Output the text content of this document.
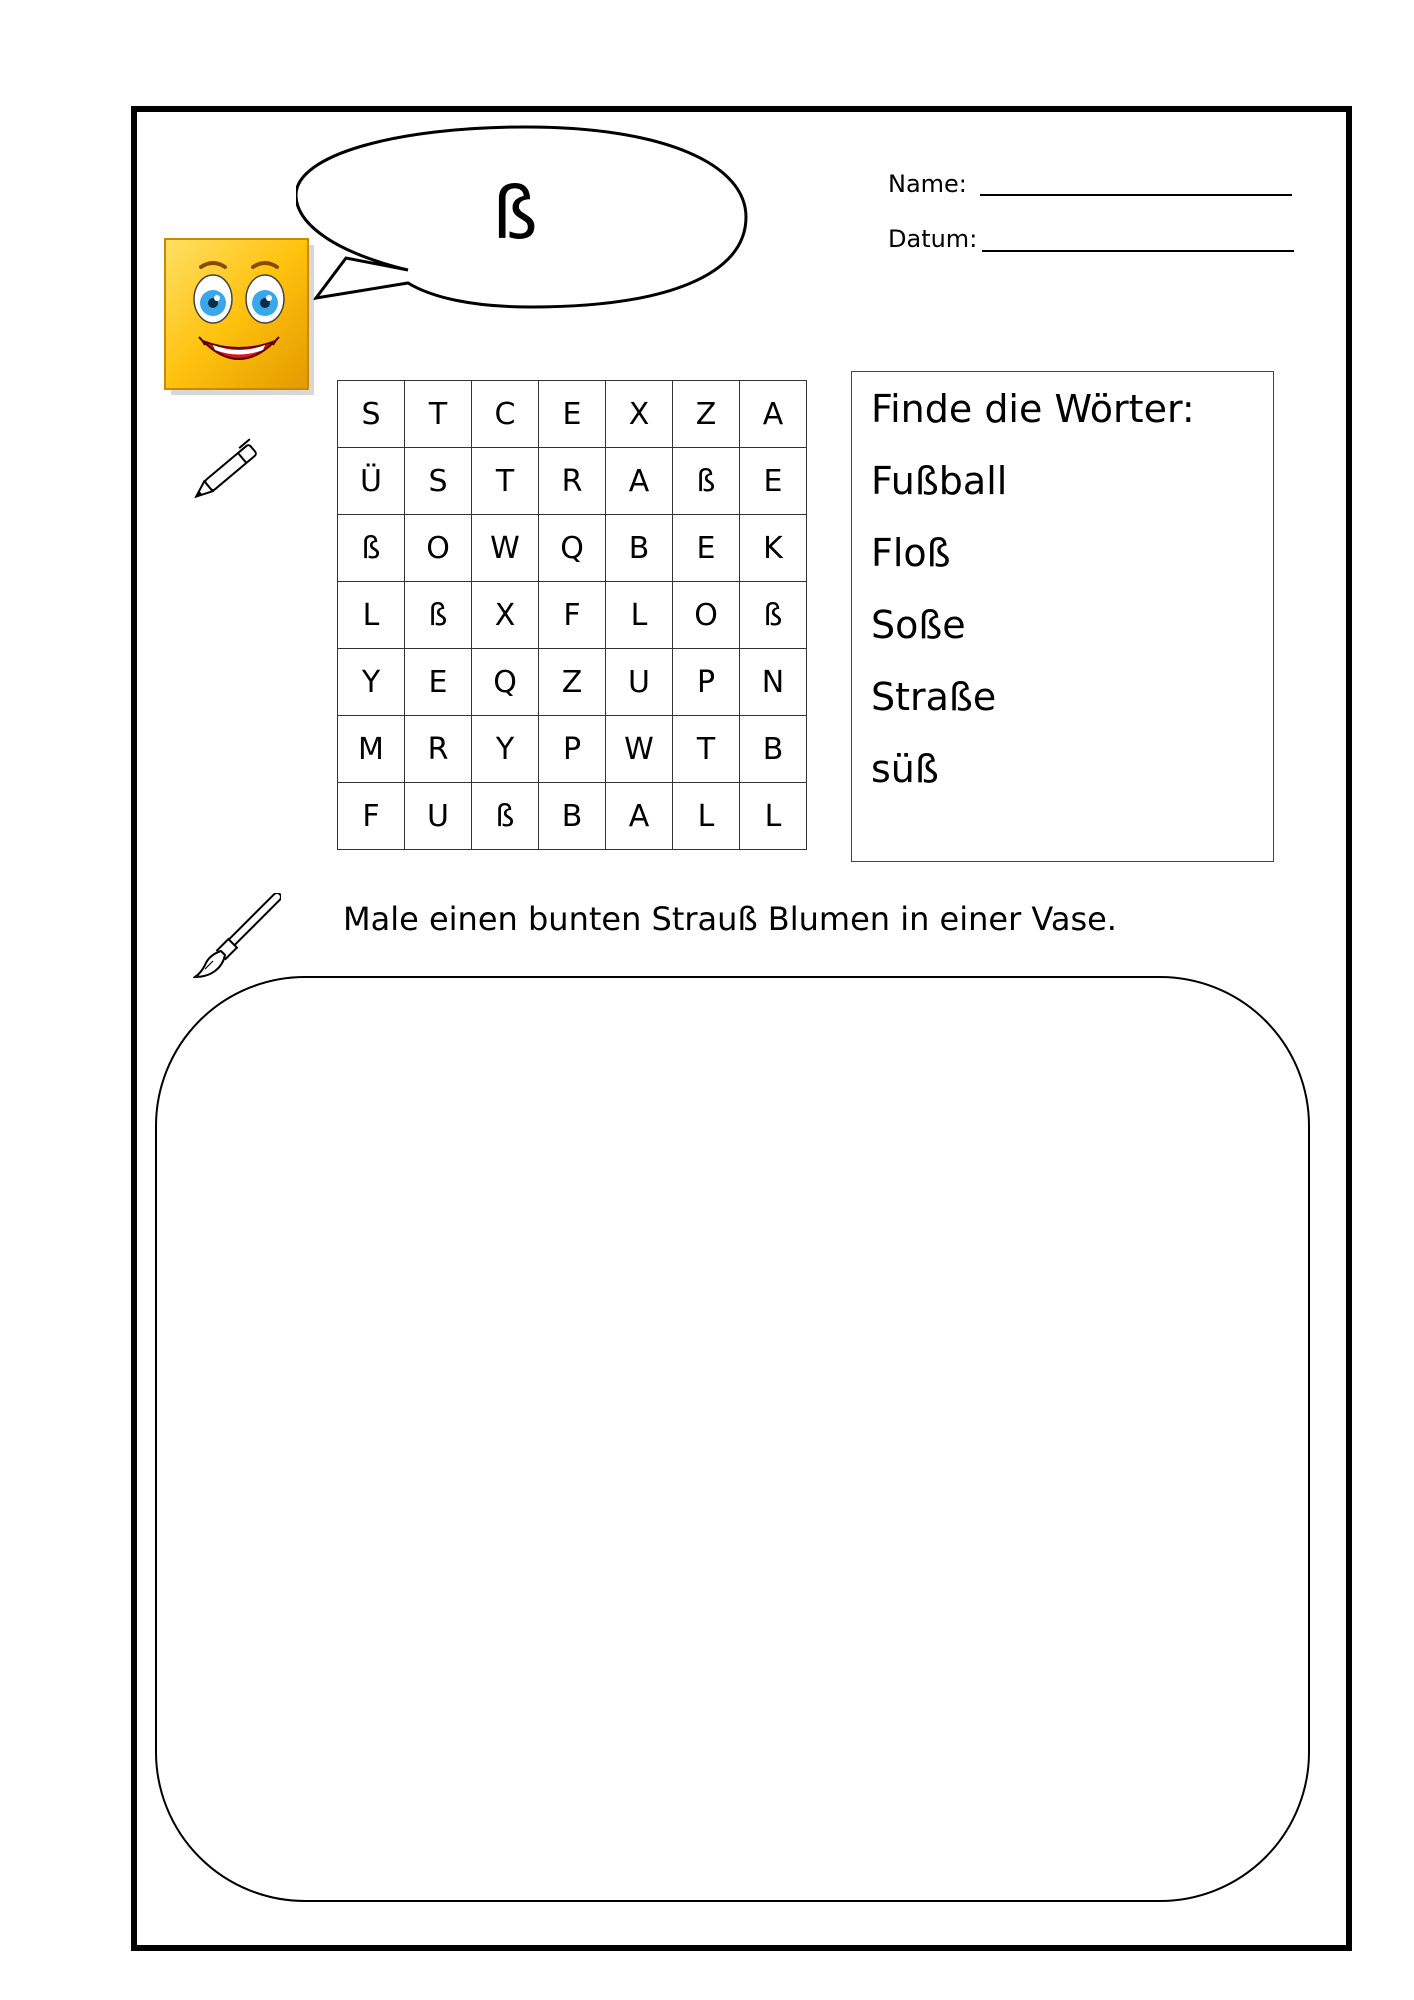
ß	Name:
Datum:
S	T	C	E	X	Z	A
Ü	S	T	R	A	ß	E
ß	O	W	Q	B	E	K
L	ß	X	F	L	O	ß
Y	E	Q	Z	U	P	N
M	R	Y	P	W	T	B
F	U	ß	B	A	L	L
Finde die Wörter:
Fußball
Floß
Soße
Straße
süß
Male einen bunten Strauß Blumen in einer Vase.
